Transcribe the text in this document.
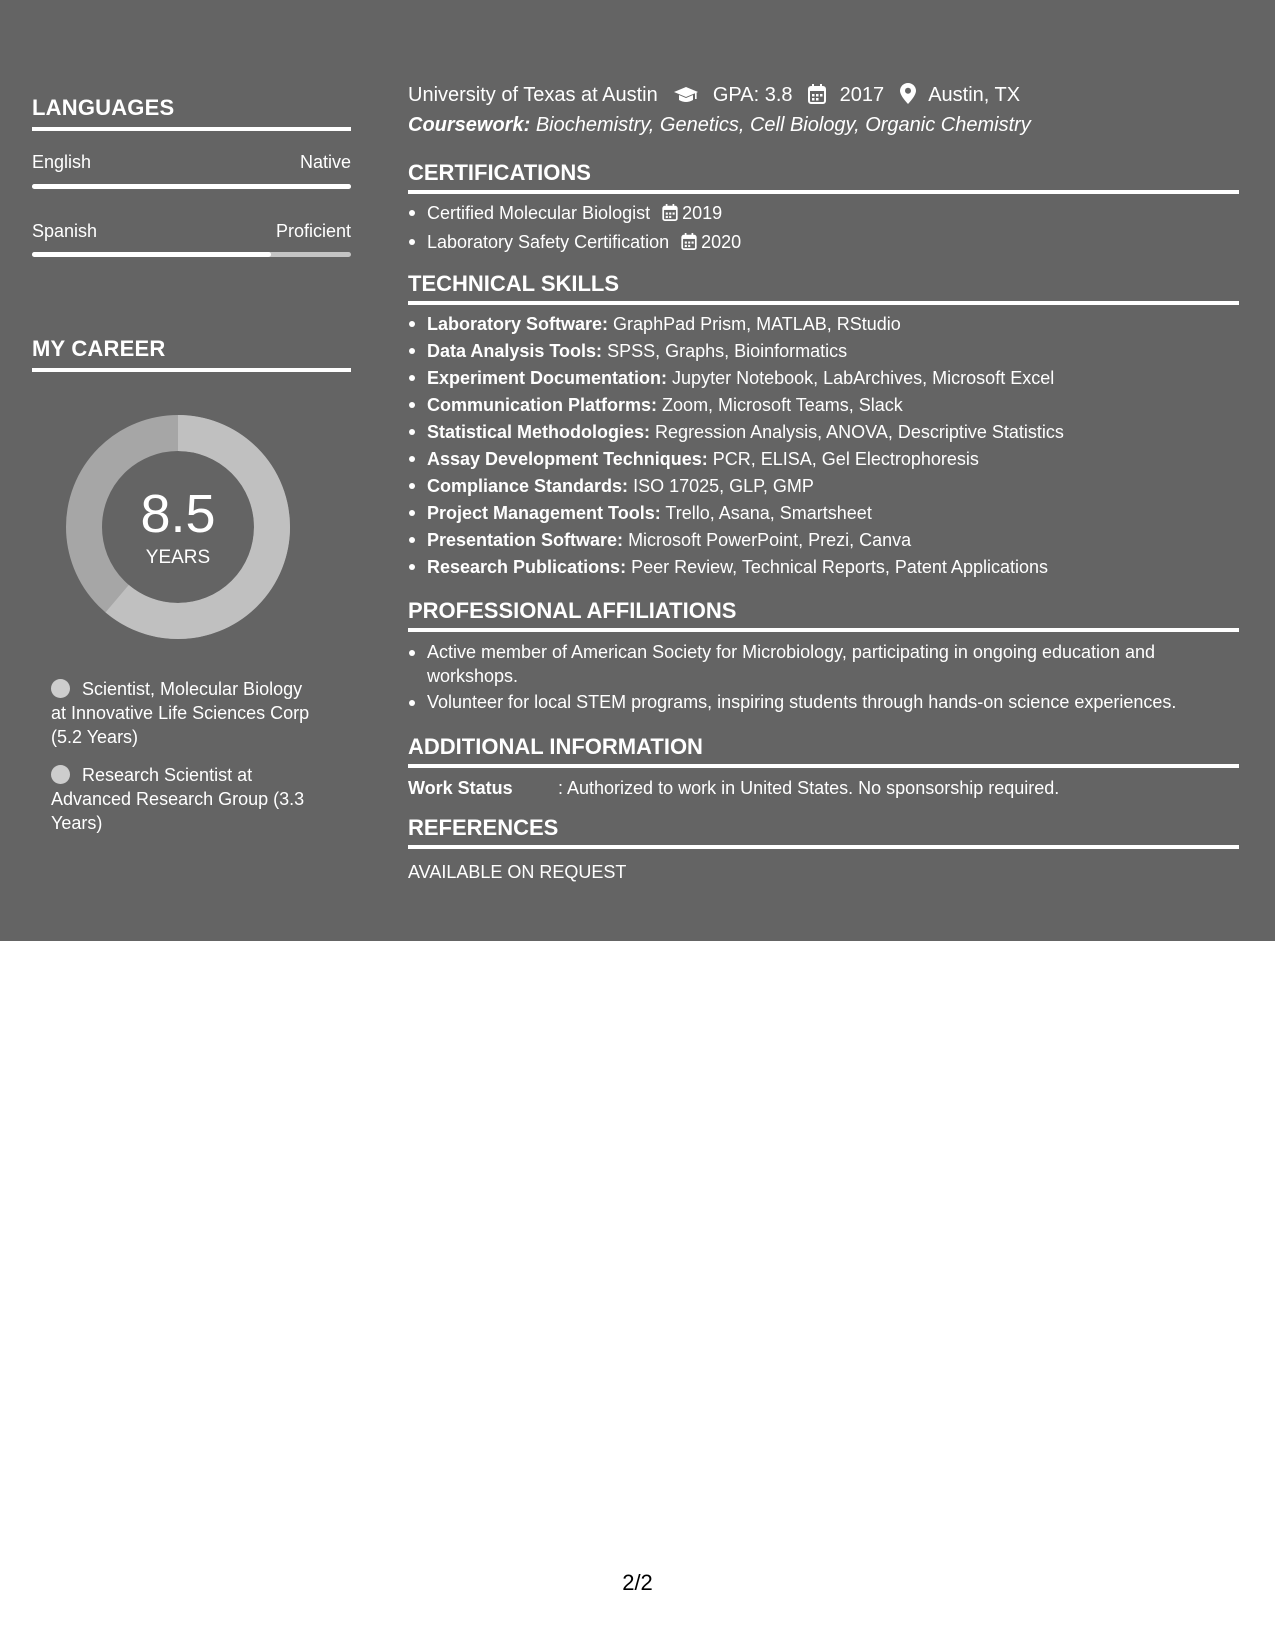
LANGUAGES
English	Native
Spanish	Proficient
MY CAREER
8.5
YEARS
Scientist, Molecular Biology at Innovative Life Sciences Corp (5.2 Years)
Research Scientist at Advanced Research Group (3.3 Years)
University of Texas at Austin	GPA: 3.8 2017 Austin, TX
Coursework: Biochemistry, Genetics, Cell Biology, Organic Chemistry
CERTIFICATIONS
Certified Molecular Biologist 2019
Laboratory Safety Certification 2020
TECHNICAL SKILLS
Laboratory Software: GraphPad Prism, MATLAB, RStudio
Data Analysis Tools: SPSS, Graphs, Bioinformatics
Experiment Documentation: Jupyter Notebook, LabArchives, Microsoft Excel
Communication Platforms: Zoom, Microsoft Teams, Slack
Statistical Methodologies: Regression Analysis, ANOVA, Descriptive Statistics
Assay Development Techniques: PCR, ELISA, Gel Electrophoresis
Compliance Standards: ISO 17025, GLP, GMP
Project Management Tools: Trello, Asana, Smartsheet
Presentation Software: Microsoft PowerPoint, Prezi, Canva
Research Publications: Peer Review, Technical Reports, Patent Applications
PROFESSIONAL AFFILIATIONS
Active member of American Society for Microbiology, participating in ongoing education and workshops.
Volunteer for local STEM programs, inspiring students through hands-on science experiences.
ADDITIONAL INFORMATION
Work Status	: Authorized to work in United States. No sponsorship required.
REFERENCES
AVAILABLE ON REQUEST
2/2
